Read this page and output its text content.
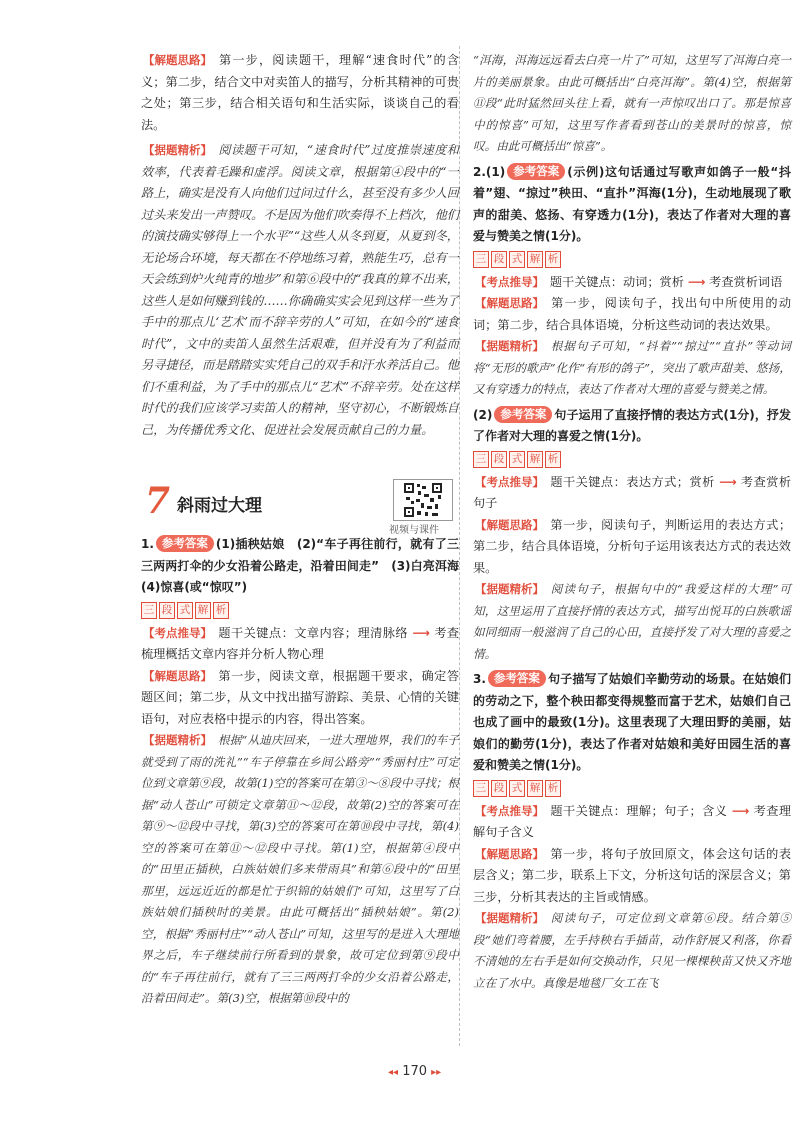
【解题思路】 第一步，阅读题干，理解“速食时代”的含义；第二步，结合文中对卖笛人的描写，分析其精神的可贵之处；第三步，结合相关语句和生活实际，谈谈自己的看法。
【据题精析】 阅读题干可知，“速食时代”过度推崇速度和效率，代表着毛躁和虚浮。阅读文章，根据第④段中的“一路上，确实是没有人向他们过问过什么，甚至没有多少人回过头来发出一声赞叹。不是因为他们吹奏得不上档次，他们的演技确实够得上一个水平”“这些人从冬到夏，从夏到冬，无论场合环境，每天都在不停地练习着，熟能生巧，总有一天会练到炉火纯青的地步”和第⑥段中的“我真的算不出来，这些人是如何赚到钱的……你确确实实会见到这样一些为了手中的那点儿‘艺术’而不辞辛劳的人”可知，在如今的“速食时代”，文中的卖笛人虽然生活艰难，但并没有为了利益而另寻捷径，而是踏踏实实凭自己的双手和汗水养活自己。他们不重利益，为了手中的那点儿“艺术”不辞辛劳。处在这样时代的我们应该学习卖笛人的精神，坚守初心，不断锻炼自己，为传播优秀文化、促进社会发展贡献自己的力量。
7 斜雨过大理
视频与课件
1. 参考答案 (1)插秧姑娘　(2)“车子再往前行，就有了三三两两打伞的少女沿着公路走，沿着田间走”　(3)白亮洱海　(4)惊喜(或“惊叹”)
三 段 式 解 析
【考点推导】 题干关键点：文章内容；理清脉络 ⟶ 考查梳理概括文章内容并分析人物心理
【解题思路】 第一步，阅读文章，根据题干要求，确定答题区间；第二步，从文中找出描写游踪、美景、心情的关键语句，对应表格中提示的内容，得出答案。
【据题精析】 根据“从迪庆回来，一进大理地界，我们的车子就受到了雨的洗礼”“车子停靠在乡间公路旁”“秀丽村庄”可定位到文章第⑨段，故第(1)空的答案可在第③～⑧段中寻找；根据“动人苍山”可锁定文章第⑪～⑫段，故第(2)空的答案可在第⑨～⑫段中寻找，第(3)空的答案可在第⑩段中寻找，第(4)空的答案可在第⑪～⑫段中寻找。第(1)空，根据第④段中的“田里正插秧，白族姑娘们多来带雨具”和第⑥段中的“田里那里，远远近近的都是忙于织锦的姑娘们”可知，这里写了白族姑娘们插秧时的美景。由此可概括出“插秧姑娘”。第(2)空，根据“秀丽村庄”“动人苍山”可知，这里写的是进入大理地界之后，车子继续前行所看到的景象，故可定位到第⑨段中的“车子再往前行，就有了三三两两打伞的少女沿着公路走，沿着田间走”。第(3)空，根据第⑩段中的
“洱海，洱海远远看去白亮一片了”可知，这里写了洱海白亮一片的美丽景象。由此可概括出“白亮洱海”。第(4)空，根据第⑪段“此时猛然回头往上看，就有一声惊叹出口了。那是惊喜中的惊喜”可知，这里写作者看到苍山的美景时的惊喜，惊叹。由此可概括出“惊喜”。
2.(1) 参考答案 (示例)这句话通过写歌声如鸽子一般“抖着”翅、“掠过”秧田、“直扑”洱海(1分)，生动地展现了歌声的甜美、悠扬、有穿透力(1分)，表达了作者对大理的喜爱与赞美之情(1分)。
三 段 式 解 析
【考点推导】 题干关键点：动词；赏析 ⟶ 考查赏析词语
【解题思路】 第一步，阅读句子，找出句中所使用的动词；第二步，结合具体语境，分析这些动词的表达效果。
【据题精析】 根据句子可知，“抖着”“掠过”“直扑”等动词将“无形的歌声”化作“有形的鸽子”，突出了歌声甜美、悠扬，又有穿透力的特点，表达了作者对大理的喜爱与赞美之情。
(2) 参考答案 句子运用了直接抒情的表达方式(1分)，抒发了作者对大理的喜爱之情(1分)。
三 段 式 解 析
【考点推导】 题干关键点：表达方式；赏析 ⟶ 考查赏析句子
【解题思路】 第一步，阅读句子，判断运用的表达方式；第二步，结合具体语境，分析句子运用该表达方式的表达效果。
【据题精析】 阅读句子，根据句中的“我爱这样的大理”可知，这里运用了直接抒情的表达方式，描写出悦耳的白族歌谣如同细雨一般滋润了自己的心田，直接抒发了对大理的喜爱之情。
3. 参考答案 句子描写了姑娘们辛勤劳动的场景。在姑娘们的劳动之下，整个秧田都变得规整而富于艺术，姑娘们自己也成了画中的最致(1分)。这里表现了大理田野的美丽，姑娘们的勤劳(1分)，表达了作者对姑娘和美好田园生活的喜爱和赞美之情(1分)。
三 段 式 解 析
【考点推导】 题干关键点：理解；句子；含义 ⟶ 考查理解句子含义
【解题思路】 第一步，将句子放回原文，体会这句话的表层含义；第二步，联系上下文，分析这句话的深层含义；第三步，分析其表达的主旨或情感。
【据题精析】 阅读句子，可定位到文章第⑥段。结合第⑤段“她们弯着腰，左手持秧右手插苗，动作舒展又利落，你看不清她的左右手是如何交换动作，只见一棵棵秧苗又快又齐地立在了水中。真像是地毯厂女工在飞
◂◂ 170 ▸▸
